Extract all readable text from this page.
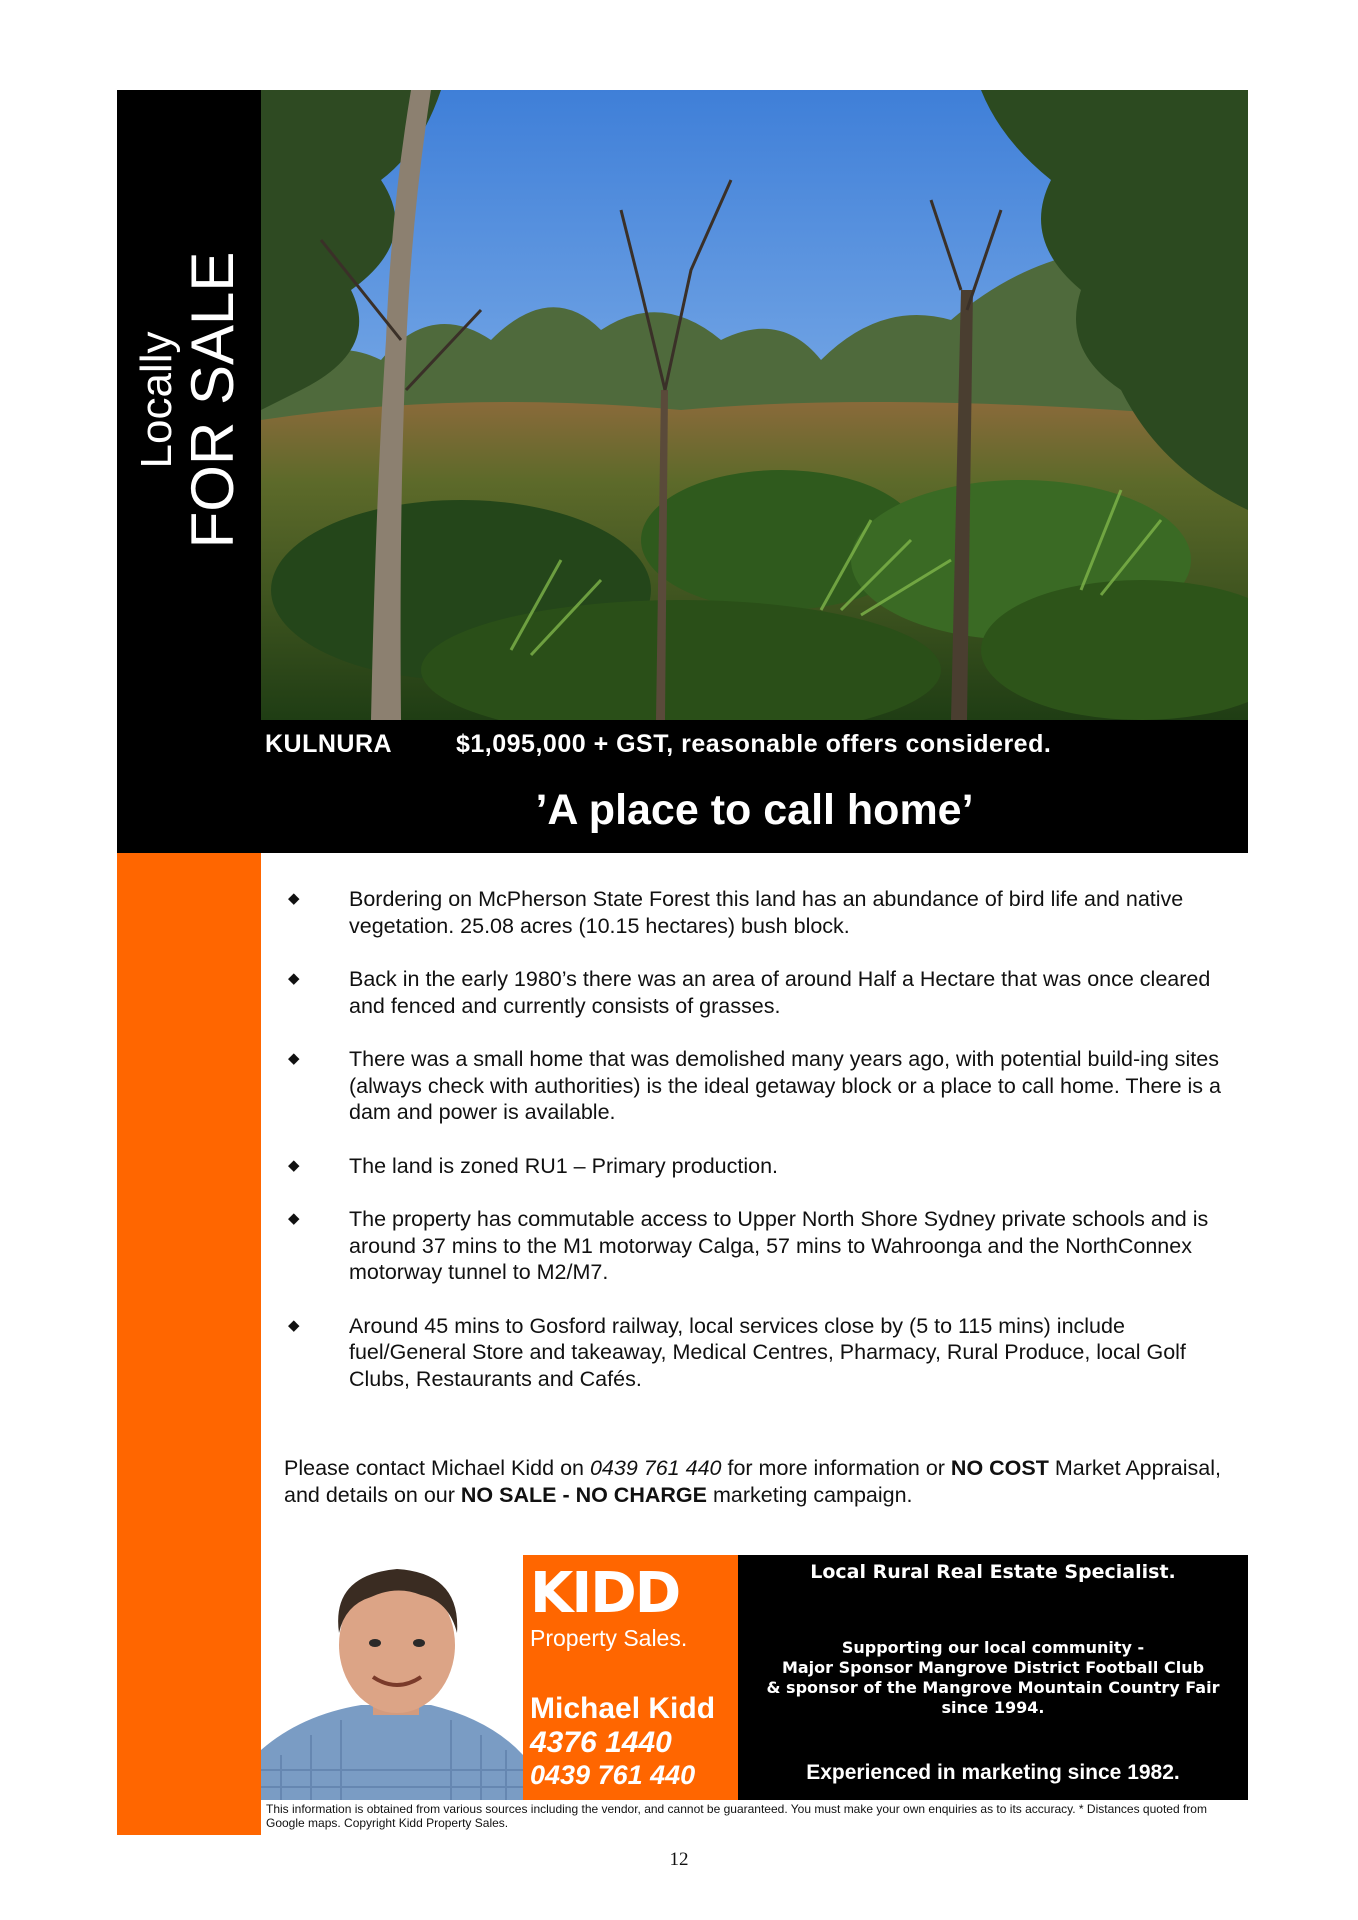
Locally
FOR SALE
KULNURA	$1,095,000 + GST, reasonable offers considered.
’A place to call home’
◆ Bordering on McPherson State Forest this land has an abundance of bird life and native vegetation. 25.08 acres (10.15 hectares) bush block.
◆ Back in the early 1980’s there was an area of around Half a Hectare that was once cleared and fenced and currently consists of grasses.
◆ There was a small home that was demolished many years ago, with potential build-ing sites (always check with authorities) is the ideal getaway block or a place to call home. There is a dam and power is available.
◆ The land is zoned RU1 – Primary production.
◆ The property has commutable access to Upper North Shore Sydney private schools and is around 37 mins to the M1 motorway Calga, 57 mins to Wahroonga and the NorthConnex motorway tunnel to M2/M7.
◆ Around 45 mins to Gosford railway, local services close by (5 to 115 mins) include fuel/General Store and takeaway, Medical Centres, Pharmacy, Rural Produce, local Golf Clubs, Restaurants and Cafés.
Please contact Michael Kidd on 0439 761 440 for more information or NO COST Market Appraisal, and details on our NO SALE - NO CHARGE marketing campaign.
KIDD
Property Sales.
Michael Kidd
4376 1440
0439 761 440
Local Rural Real Estate Specialist.
Supporting our local community -
Major Sponsor Mangrove District Football Club
& sponsor of the Mangrove Mountain Country Fair
since 1994.
Experienced in marketing since 1982.
This information is obtained from various sources including the vendor, and cannot be guaranteed. You must make your own enquiries as to its accuracy. * Distances quoted from Google maps. Copyright Kidd Property Sales.
12
